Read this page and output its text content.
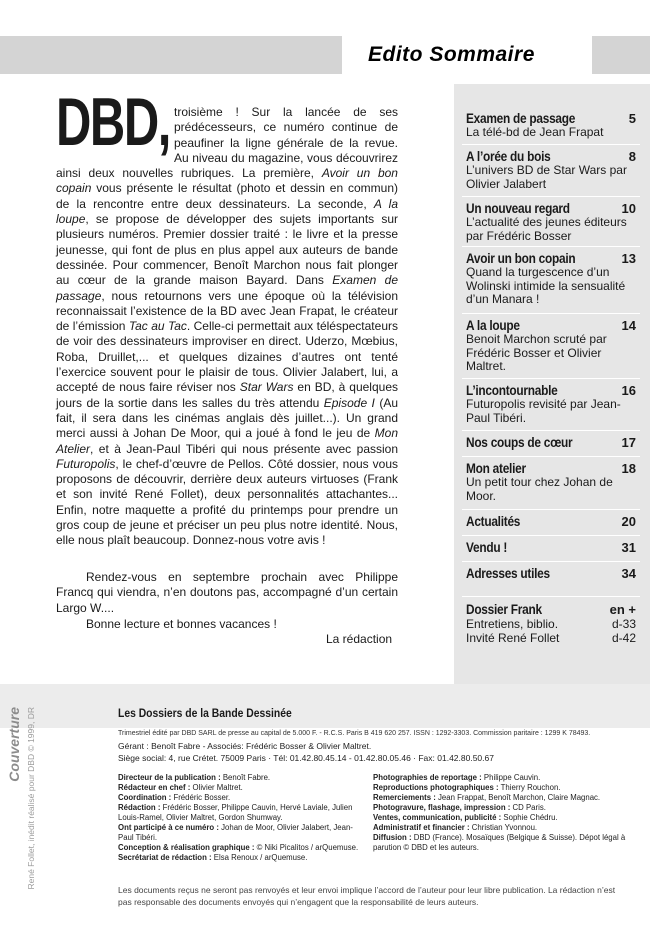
Edito Sommaire
DBD, troisième ! Sur la lancée de ses prédécesseurs, ce numéro continue de peaufiner la ligne générale de la revue. Au niveau du magazine, vous découvrirez ainsi deux nouvelles rubriques. La première, Avoir un bon copain vous présente le résultat (photo et dessin en commun) de la rencontre entre deux dessinateurs. La seconde, A la loupe, se propose de développer des sujets importants sur plusieurs numéros. Premier dossier traité : le livre et la presse jeunesse, qui font de plus en plus appel aux auteurs de bande dessinée. Pour commencer, Benoît Marchon nous fait plonger au cœur de la grande maison Bayard. Dans Examen de passage, nous retournons vers une époque où la télévision reconnaissait l’existence de la BD avec Jean Frapat, le créateur de l’émission Tac au Tac. Celle-ci permettait aux téléspectateurs de voir des dessinateurs improviser en direct. Uderzo, Mœbius, Roba, Druillet,... et quelques dizaines d’autres ont tenté l’exercice souvent pour le plaisir de tous. Olivier Jalabert, lui, a accepté de nous faire réviser nos Star Wars en BD, à quelques jours de la sortie dans les salles du très attendu Episode I (Au fait, il sera dans les cinémas anglais dès juillet...). Un grand merci aussi à Johan De Moor, qui a joué à fond le jeu de Mon Atelier, et à Jean-Paul Tibéri qui nous présente avec passion Futuropolis, le chef-d’œuvre de Pellos. Côté dossier, nous vous proposons de découvrir, derrière deux auteurs virtuoses (Frank et son invité René Follet), deux personnalités attachantes... Enfin, notre maquette a profité du printemps pour prendre un gros coup de jeune et préciser un peu plus notre identité. Nous, elle nous plaît beaucoup. Donnez-nous votre avis !
Rendez-vous en septembre prochain avec Philippe Francq qui viendra, n’en doutons pas, accompagné d’un certain Largo W....
Bonne lecture et bonnes vacances !
La rédaction
Examen de passage	5
La télé-bd de Jean Frapat
A l’orée du bois	8
L’univers BD de Star Wars par Olivier Jalabert
Un nouveau regard	10
L’actualité des jeunes éditeurs par Frédéric Bosser
Avoir un bon copain	13
Quand la turgescence d’un Wolinski intimide la sensualité d’un Manara !
A la loupe	14
Benoit Marchon scruté par Frédéric Bosser et Olivier Maltret.
L’incontournable	16
Futuropolis revisité par Jean-Paul Tibéri.
Nos coups de cœur	17
Mon atelier	18
Un petit tour chez Johan de Moor.
Actualités	20
Vendu !	31
Adresses utiles	34
Dossier Frank	en +
Entretiens, biblio.	d-33
Invité René Follet	d-42
Couverture René Follet, inédit réalisé pour DBD © 1999, DR	Les Dossiers de la Bande Dessinée
Trimestriel édité par DBD SARL de presse au capital de 5.000 F. - R.C.S. Paris B 419 620 257. ISSN : 1292-3303. Commission paritaire : 1299 K 78493.
Gérant : Benoît Fabre - Associés: Frédéric Bosser & Olivier Maltret.
Siège social: 4, rue Crétet. 75009 Paris · Tél: 01.42.80.45.14 - 01.42.80.05.46 · Fax: 01.42.80.50.67
Directeur de la publication : Benoît Fabre.
Rédacteur en chef : Olivier Maltret.
Coordination : Frédéric Bosser.
Rédaction : Frédéric Bosser, Philippe Cauvin, Hervé Laviale, Julien Louis-Ramel, Olivier Maltret, Gordon Shumway.
Ont participé à ce numéro : Johan de Moor, Olivier Jalabert, Jean-Paul Tibéri.
Conception & réalisation graphique : © Niki Picalitos / arQuemuse.
Secrétariat de rédaction : Elsa Renoux / arQuemuse.
Photographies de reportage : Philippe Cauvin.
Reproductions photographiques : Thierry Rouchon.
Remerciements : Jean Frappat, Benoît Marchon, Claire Magnac.
Photogravure, flashage, impression : CD Paris.
Ventes, communication, publicité : Sophie Chédru.
Administratif et financier : Christian Yvonnou.
Diffusion : DBD (France). Mosaïques (Belgique & Suisse). Dépot légal à parution © DBD et les auteurs.
Les documents reçus ne seront pas renvoyés et leur envoi implique l’accord de l’auteur pour leur libre publication. La rédaction n’est pas responsable des documents envoyés qui n’engagent que la responsabilité de leurs auteurs.
